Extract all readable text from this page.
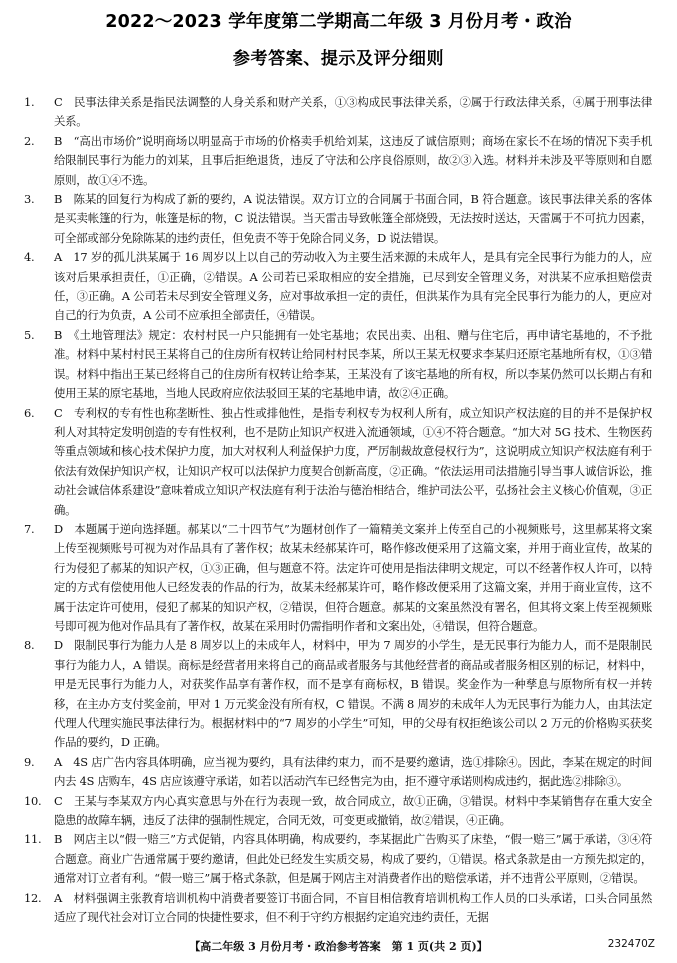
2022～2023 学年度第二学期高二年级 3 月份月考・政治
参考答案、提示及评分细则
1. C　民事法律关系是指民法调整的人身关系和财产关系，①③构成民事法律关系，②属于行政法律关系，④属于刑事法律关系。
2. B　“高出市场价”说明商场以明显高于市场的价格卖手机给刘某，这违反了诚信原则；商场在家长不在场的情况下卖手机给限制民事行为能力的刘某，且事后拒绝退货，违反了守法和公序良俗原则，故②③入选。材料并未涉及平等原则和自愿原则，故①④不选。
3. B　陈某的回复行为构成了新的要约，A 说法错误。双方订立的合同属于书面合同，B 符合题意。该民事法律关系的客体是买卖帐篷的行为，帐篷是标的物，C 说法错误。当天雷击导致帐篷全部烧毁，无法按时送达，天雷属于不可抗力因素，可全部或部分免除陈某的违约责任，但免责不等于免除合同义务，D 说法错误。
4. A　17 岁的孤儿洪某属于 16 周岁以上以自己的劳动收入为主要生活来源的未成年人，是具有完全民事行为能力的人，应该对后果承担责任，①正确，②错误。A 公司若已采取相应的安全措施，已尽到安全管理义务，对洪某不应承担赔偿责任，③正确。A 公司若未尽到安全管理义务，应对事故承担一定的责任，但洪某作为具有完全民事行为能力的人，更应对自己的行为负责，A 公司不应承担全部责任，④错误。
5. B　《土地管理法》规定：农村村民一户只能拥有一处宅基地；农民出卖、出租、赠与住宅后，再申请宅基地的，不予批准。材料中某村村民王某将自己的住房所有权转让给同村村民李某，所以王某无权要求李某归还原宅基地所有权，①③错误。材料中指出王某已经将自己的住房所有权转让给李某，王某没有了该宅基地的所有权，所以李某仍然可以长期占有和使用王某的原宅基地，当地人民政府应依法驳回王某的宅基地申请，故②④正确。
6. C　专利权的专有性也称垄断性、独占性或排他性，是指专利权专为权利人所有，成立知识产权法庭的目的并不是保护权利人对其特定发明创造的专有性权利，也不是防止知识产权进入流通领域，①④不符合题意。“加大对 5G 技术、生物医药等重点领域和核心技术保护力度，加大对权利人利益保护力度，严厉制裁故意侵权行为”，这说明成立知识产权法庭有利于依法有效保护知识产权，让知识产权可以法保护力度契合创新高度，②正确。“依法运用司法措施引导当事人诚信诉讼，推动社会诚信体系建设”意味着成立知识产权法庭有利于法治与德治相结合，维护司法公平，弘扬社会主义核心价值观，③正确。
7. D　本题属于逆向选择题。郝某以“二十四节气”为题材创作了一篇精美文案并上传至自己的小视频账号，这里郝某将文案上传至视频账号可视为对作品具有了著作权；故某未经郝某许可，略作修改便采用了这篇文案，并用于商业宣传，故某的行为侵犯了郝某的知识产权，①③正确，但与题意不符。法定许可使用是指法律明文规定，可以不经著作权人许可，以特定的方式有偿使用他人已经发表的作品的行为，故某未经郝某许可，略作修改便采用了这篇文案，并用于商业宣传，这不属于法定许可使用，侵犯了郝某的知识产权，②错误，但符合题意。郝某的文案虽然没有署名，但其将文案上传至视频账号即可视为他对作品具有了著作权，故某在采用时仍需指明作者和文案出处，④错误，但符合题意。
8. D　限制民事行为能力人是 8 周岁以上的未成年人，材料中，甲为 7 周岁的小学生，是无民事行为能力人，而不是限制民事行为能力人，A 错误。商标是经营者用来将自己的商品或者服务与其他经营者的商品或者服务相区别的标记，材料中，甲是无民事行为能力人，对获奖作品享有著作权，而不是享有商标权，B 错误。奖金作为一种孳息与原物所有权一并转移，在主办方支付奖金前，甲对 1 万元奖金没有所有权，C 错误。不满 8 周岁的未成年人为无民事行为能力人，由其法定代理人代理实施民事法律行为。根据材料中的“7 周岁的小学生”可知，甲的父母有权拒绝该公司以 2 万元的价格购买获奖作品的要约，D 正确。
9. A　4S 店广告内容具体明确，应当视为要约，具有法律约束力，而不是要约邀请，选①排除④。因此，李某在规定的时间内去 4S 店购车，4S 店应该遵守承诺，如若以活动汽车已经售完为由，拒不遵守承诺则构成违约，据此选②排除③。
10. C　王某与李某双方内心真实意思与外在行为表现一致，故合同成立，故①正确，③错误。材料中李某销售存在重大安全隐患的故障车辆，违反了法律的强制性规定，合同无效，可变更或撤销，故②错误，④正确。
11. B　网店主以“假一赔三”方式促销，内容具体明确，构成要约，李某据此广告购买了床垫，“假一赔三”属于承诺，③④符合题意。商业广告通常属于要约邀请，但此处已经发生实质交易，构成了要约，①错误。格式条款是由一方预先拟定的，通常对订立者有利。“假一赔三”属于格式条款，但是属于网店主对消费者作出的赔偿承诺，并不违背公平原则，②错误。
12. A　材料强调主张教育培训机构中消费者要签订书面合同，不盲目相信教育培训机构工作人员的口头承诺，口头合同虽然适应了现代社会对订立合同的快捷性要求，但不利于守约方根据约定追究违约责任，无据
【高二年级 3 月份月考・政治参考答案　第 1 页(共 2 页)】	232470Z
